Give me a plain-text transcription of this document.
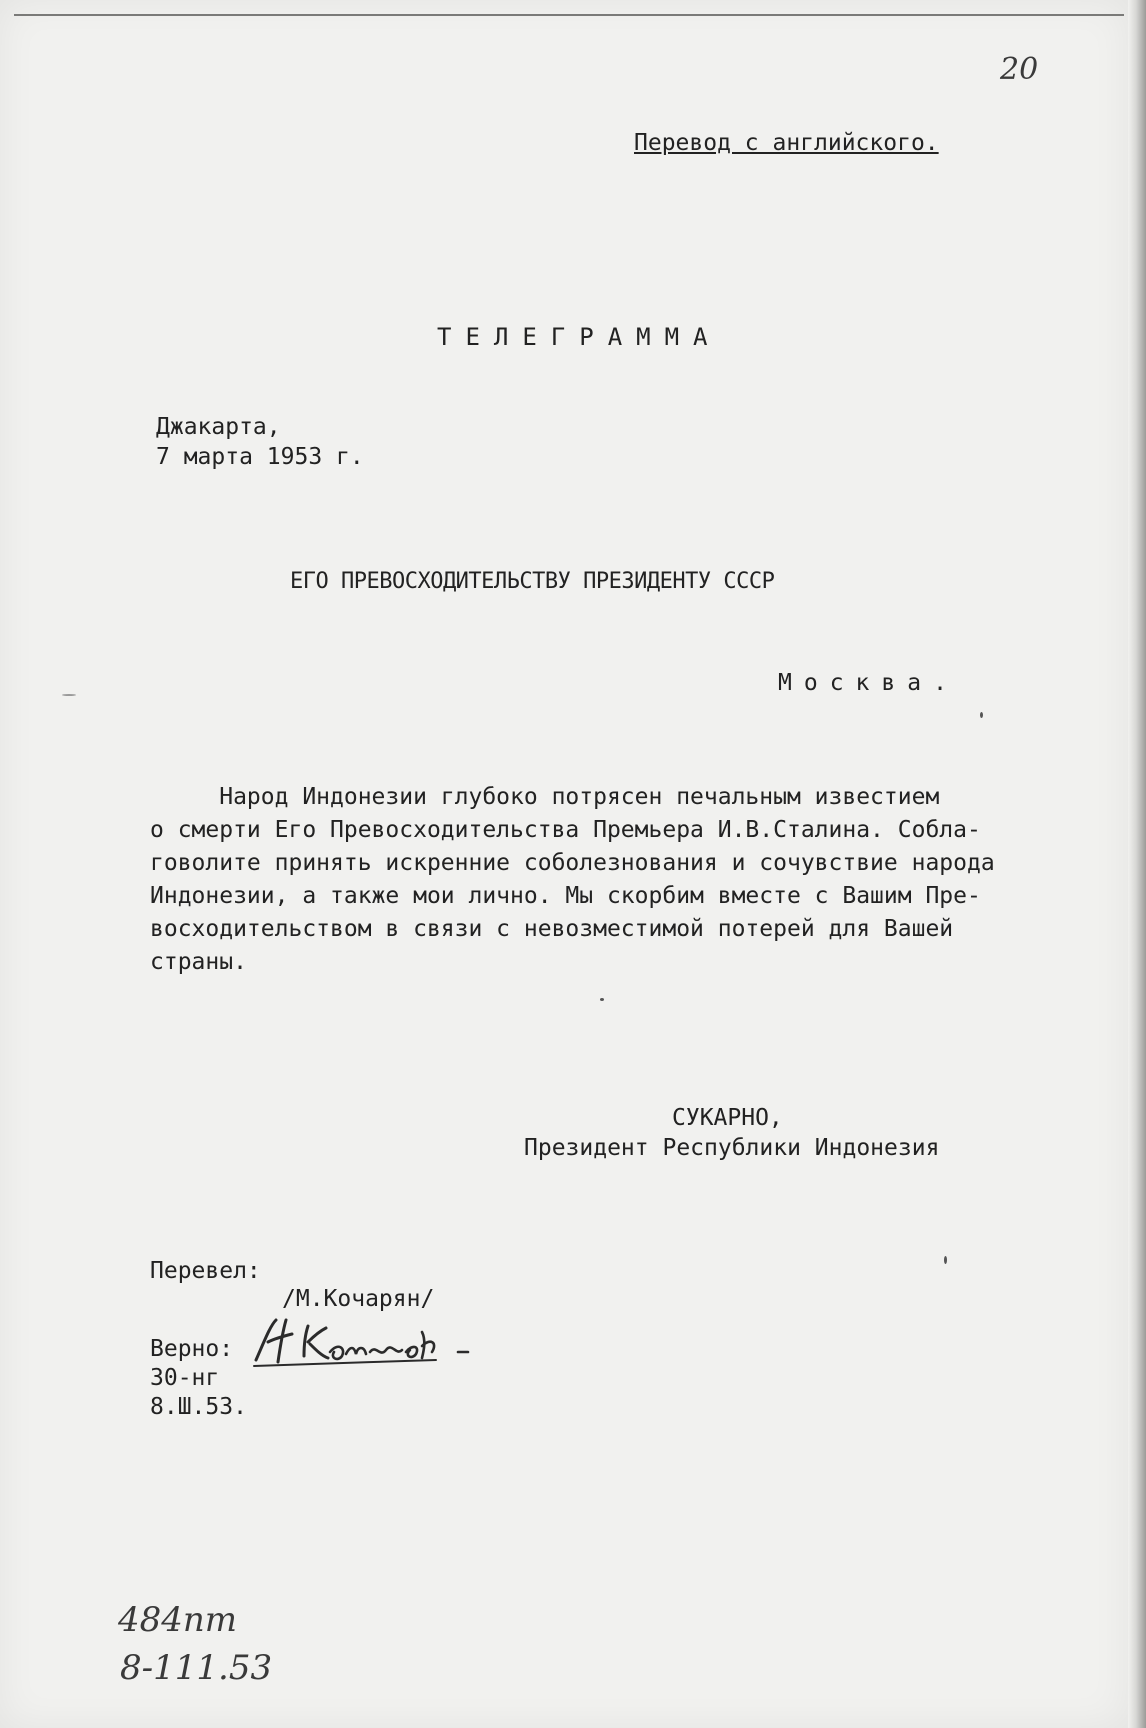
20
Перевод с английского.
ТЕЛЕГРАММА
Джакарта,
7 марта 1953 г.
ЕГО ПРЕВОСХОДИТЕЛЬСТВУ ПРЕЗИДЕНТУ СССР
Москва.
Народ Индонезии глубоко потрясен печальным известием
о смерти Его Превосходительства Премьера И.В.Сталина. Собла-
говолите принять искренние соболезнования и сочувствие народа
Индонезии, а также мои лично. Мы скорбим вместе с Вашим Пре-
восходительством в связи с невозместимой потерей для Вашей
страны.
СУКАРНО,
Президент Республики Индонезия
Перевел:
/М.Кочарян/
Верно:
30-нг
8.Ш.53.
484пт
8-111.53
